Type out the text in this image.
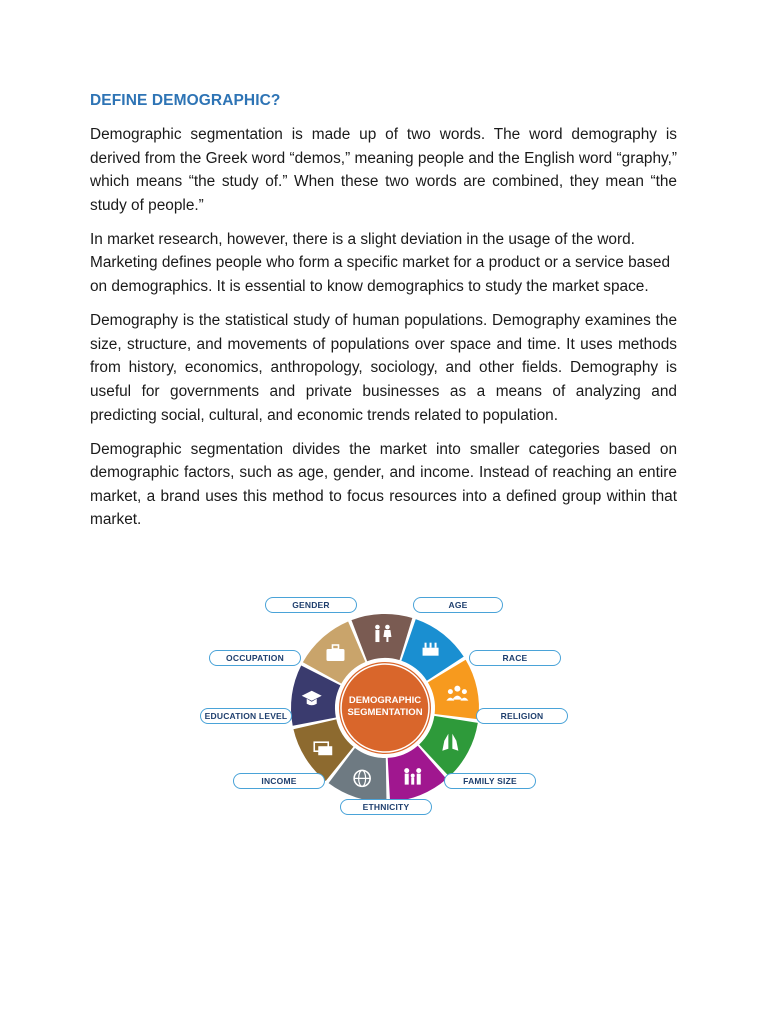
DEFINE DEMOGRAPHIC?

Demographic segmentation is made up of two words. The word demography is derived from the Greek word “demos,” meaning people and the English word “graphy,” which means “the study of.” When these two words are combined, they mean “the study of people.”

In market research, however, there is a slight deviation in the usage of the word. Marketing defines people who form a specific market for a product or a service based on demographics. It is essential to know demographics to study the market space.

Demography is the statistical study of human populations. Demography examines the size, structure, and movements of populations over space and time. It uses methods from history, economics, anthropology, sociology, and other fields. Demography is useful for governments and private businesses as a means of analyzing and predicting social, cultural, and economic trends related to population.

Demographic segmentation divides the market into smaller categories based on demographic factors, such as age, gender, and income. Instead of reaching an entire market, a brand uses this method to focus resources into a defined group within that market.

DEMOGRAPHIC
SEGMENTATION
GENDER	AGE
OCCUPATION	RACE
EDUCATION LEVEL	RELIGION
INCOME	FAMILY SIZE
ETHNICITY
